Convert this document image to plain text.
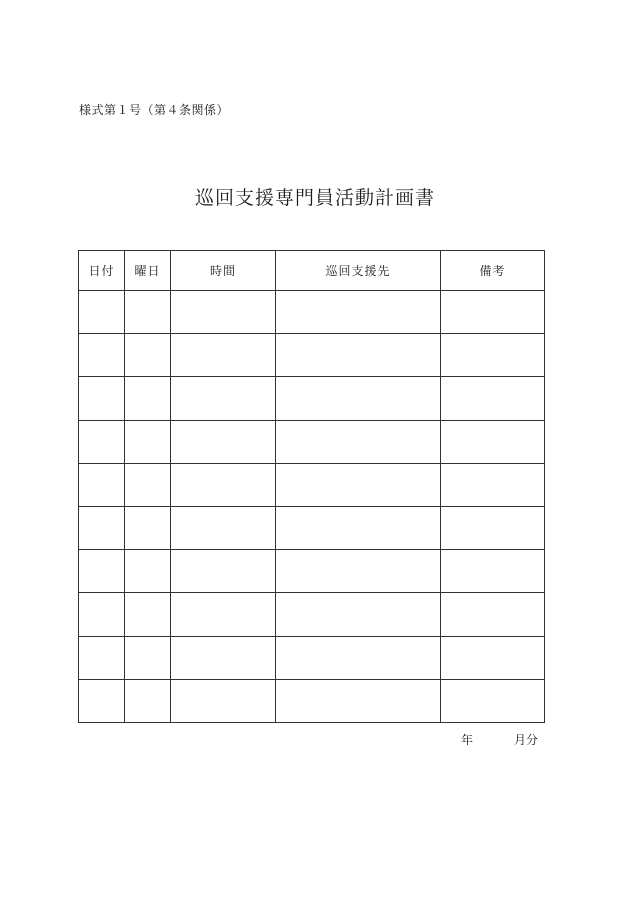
様式第１号（第４条関係）
巡回支援専門員活動計画書
日付	曜日	時間	巡回支援先	備考

年	月分
